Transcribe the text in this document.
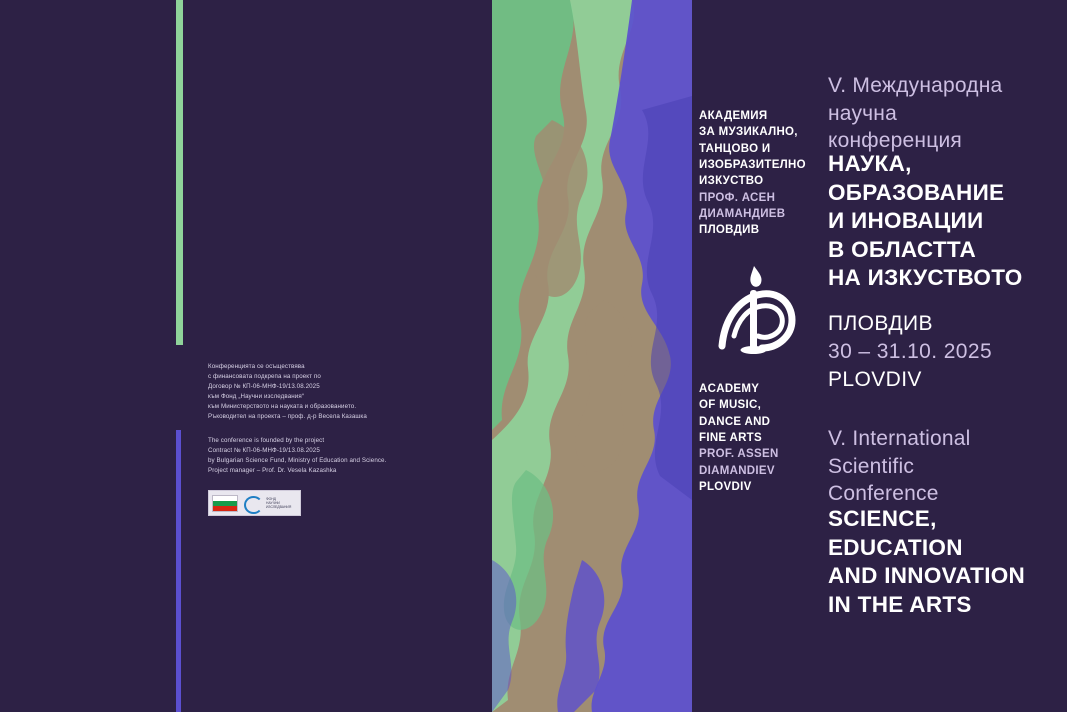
Конференцията се осъществява

с финансовата подкрепа на проект по

Договор № КП-06-МНФ-19/13.08.2025

към Фонд „Научни изследвания“

към Министерството на науката и образованието.

Ръководител на проекта – проф. д-р Весела Казашка

The conference is founded by the project

Contract № КП-06-МНФ-19/13.08.2025

by Bulgarian Science Fund, Ministry of Education and Science.

Project manager – Prof. Dr. Vesela Kazashka

ФОНД
НАУЧНИ
ИЗСЛЕДВАНИЯ
АКАДЕМИЯ
ЗА МУЗИКАЛНО,
ТАНЦОВО И
ИЗОБРАЗИТЕЛНО
ИЗКУСТВО
ПРОФ. АСЕН
ДИАМАНДИЕВ
ПЛОВДИВ
ACADEMY
OF MUSIC,
DANCE AND
FINE ARTS
PROF. ASSEN
DIAMANDIEV
PLOVDIV
V. Международна
научна
конференция
НАУКА,
ОБРАЗОВАНИЕ
И ИНОВАЦИИ
В ОБЛАСТТА
НА ИЗКУСТВОТО
ПЛОВДИВ
30 – 31.10. 2025
PLOVDIV
V. International
Scientific
Conference
SCIENCE,
EDUCATION
AND INNOVATION
IN THE ARTS
